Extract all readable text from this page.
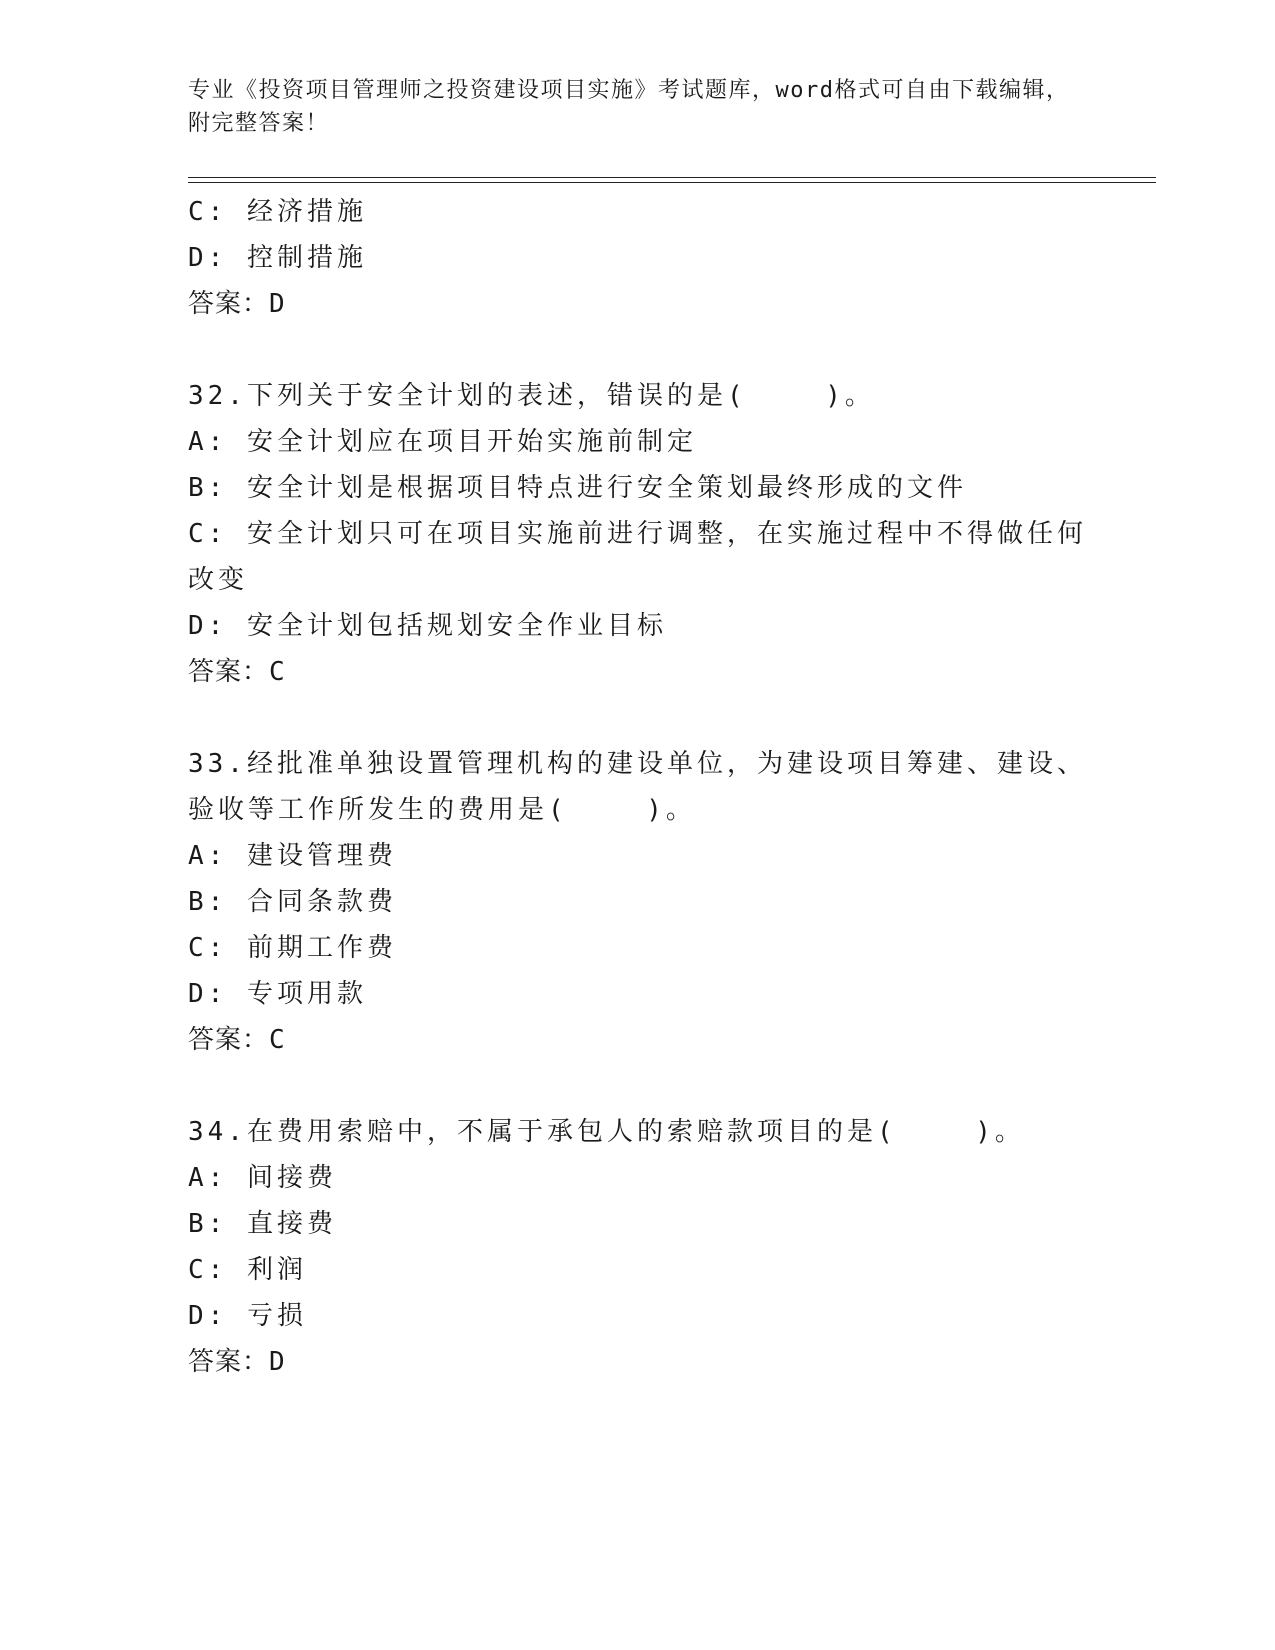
专业《投资项目管理师之投资建设项目实施》考试题库，word格式可自由下载编辑，附完整答案！

C: 经济措施

D: 控制措施

答案：D

32.下列关于安全计划的表述，错误的是(    )。

A: 安全计划应在项目开始实施前制定

B: 安全计划是根据项目特点进行安全策划最终形成的文件

C: 安全计划只可在项目实施前进行调整，在实施过程中不得做任何改变

D: 安全计划包括规划安全作业目标

答案：C

33.经批准单独设置管理机构的建设单位，为建设项目筹建、建设、验收等工作所发生的费用是(    )。

A: 建设管理费

B: 合同条款费

C: 前期工作费

D: 专项用款

答案：C

34.在费用索赔中，不属于承包人的索赔款项目的是(    )。

A: 间接费

B: 直接费

C: 利润

D: 亏损

答案：D
